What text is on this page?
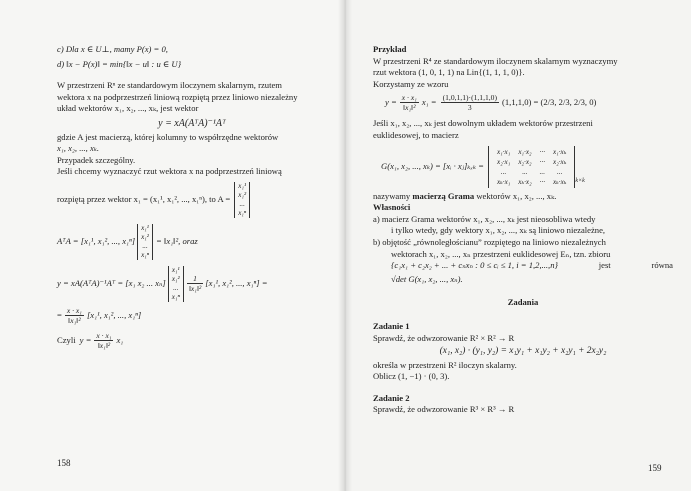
c) Dla x ∈ U⊥, mamy P(x) = 0,
d) ‖x − P(x)‖ = min{‖x − u‖ : u ∈ U}
W przestrzeni Rⁿ ze standardowym iloczynem skalarnym, rzutem
wektora x na podprzestrzeń liniową rozpiętą przez liniowo niezależny
układ wektorów x₁, x₂, ..., xₖ, jest wektor
y = xA(AᵀA)⁻¹Aᵀ
gdzie A jest macierzą, której kolumny to współrzędne wektorów
x₁, x₂, ..., xₖ.
Przypadek szczególny.
Jeśli chcemy wyznaczyć rzut wektora x na podprzestrzeń liniową
rozpiętą przez wektor x₁ = (x₁¹, x₁², ..., x₁ⁿ), to A =
x₁¹
x₁²
...
x₁ⁿ
AᵀA = [x₁¹, x₁², ..., x₁ⁿ]
x₁¹
x₁²
...
x₁ⁿ
= ‖x₁‖², oraz
y = xA(AᵀA)⁻¹Aᵀ = [x₁ x₂ ... xₙ]
x₁¹
x₁²
...
x₁ⁿ
$\frac{1}{\text{‖x₁‖²}} [x_1^1$, x₁², ..., x₁ⁿ] =
= $\frac{\text{x · x₁}}{\text{‖x₁‖²}} [x_1^1$, x₁², ..., x₁ⁿ]
Czyli $y = \frac{\text{x · x₁}}{\text{‖x₁‖²}} x_1$
158
Przykład
W przestrzeni R⁴ ze standardowym iloczynem skalarnym wyznaczymy
rzut wektora (1, 0, 1, 1) na Lin{(1, 1, 1, 0)}.
Korzystamy ze wzoru
$y = \frac{\text{x · x₁}}{\text{‖x₁‖²}} x_1 = \frac{(1,0,1,1)\cdot(1,1,1,0)}{3} (1,1,1,0) = (2/3$, 2/3, 2/3, 0)
Jeśli x₁, x₂, ..., xₖ jest dowolnym układem wektorów przestrzeni
euklidesowej, to macierz
G(x₁, x₂, ..., xₖ) = [xᵢ · xⱼ]ₖₓₖ =
x₁·x₁	x₁·x₂	···	x₁·xₖ
x₂·x₁	x₂·x₂	···	x₂·xₖ
...	...	...	...
xₖ·x₁	xₖ·x₂	···	xₖ·xₖ k×k
nazywamy macierzą Grama wektorów x₁, x₂, ..., xₖ.
Własności
a) macierz Grama wektorów x₁, x₂, ..., xₖ jest nieosobliwa wtedy
i tylko wtedy, gdy wektory x₁, x₂, ..., xₖ są liniowo niezależne,
b) objętość „równoległościanu” rozpiętego na liniowo niezależnych
wektorach x₁, x₂, ..., xₙ przestrzeni euklidesowej Eₙ, tzn. zbioru
{c₁x₁ + c₂x₂ + ... + cₙxₙ : 0 ≤ cᵢ ≤ 1, i = 1,2,...,n}	jest	równa
√det G(x₁, x₂, ..., xₙ).
Zadania
Zadanie 1
Sprawdź, że odwzorowanie R² × R² → R
(x₁, x₂) · (y₁, y₂) = x₁y₁ + x₁y₂ + x₂y₁ + 2x₂y₂
określa w przestrzeni R² iloczyn skalarny.
Oblicz (1, −1) · (0, 3).
Zadanie 2
Sprawdź, że odwzorowanie R³ × R³ → R
159
